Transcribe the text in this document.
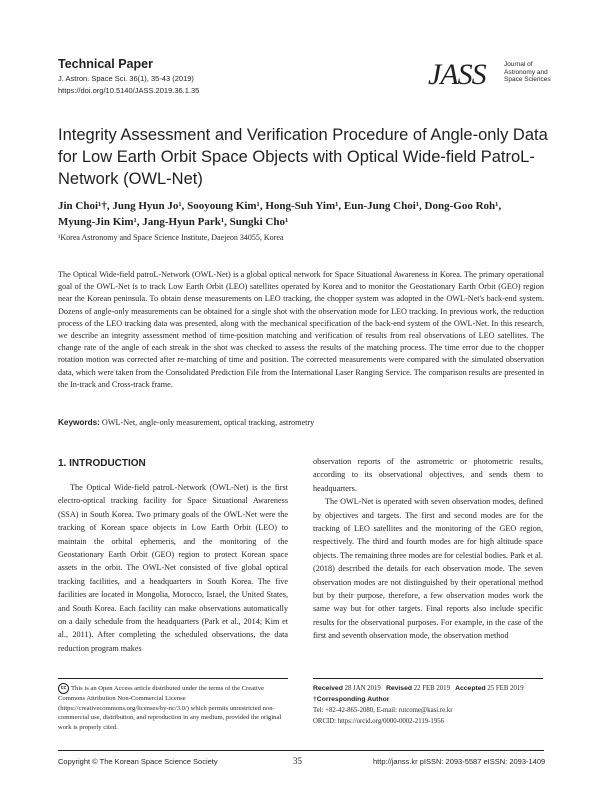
Technical Paper
J. Astron. Space Sci. 36(1), 35-43 (2019)
https://doi.org/10.5140/JASS.2019.36.1.35	JASS	Journal of
Astronomy and
Space Sciences
Integrity Assessment and Verification Procedure of Angle-only Data for Low Earth Orbit Space Objects with Optical Wide-field PatroL-Network (OWL-Net)
Jin Choi¹†, Jung Hyun Jo¹, Sooyoung Kim¹, Hong-Suh Yim¹, Eun-Jung Choi¹, Dong-Goo Roh¹,
Myung-Jin Kim¹, Jang-Hyun Park¹, Sungki Cho¹
¹Korea Astronomy and Space Science Institute, Daejeon 34055, Korea
The Optical Wide-field patroL-Network (OWL-Net) is a global optical network for Space Situational Awareness in Korea. The primary operational goal of the OWL-Net is to track Low Earth Orbit (LEO) satellites operated by Korea and to monitor the Geostationary Earth Orbit (GEO) region near the Korean peninsula. To obtain dense measurements on LEO tracking, the chopper system was adopted in the OWL-Net's back-end system. Dozens of angle-only measurements can be obtained for a single shot with the observation mode for LEO tracking. In previous work, the reduction process of the LEO tracking data was presented, along with the mechanical specification of the back-end system of the OWL-Net. In this research, we describe an integrity assessment method of time-position matching and verification of results from real observations of LEO satellites. The change rate of the angle of each streak in the shot was checked to assess the results of the matching process. The time error due to the chopper rotation motion was corrected after re-matching of time and position. The corrected measurements were compared with the simulated observation data, which were taken from the Consolidated Prediction File from the International Laser Ranging Service. The comparison results are presented in the In-track and Cross-track frame.
Keywords: OWL-Net, angle-only measurement, optical tracking, astrometry
1. INTRODUCTION

The Optical Wide-field patroL-Network (OWL-Net) is the first electro-optical tracking facility for Space Situational Awareness (SSA) in South Korea. Two primary goals of the OWL-Net were the tracking of Korean space objects in Low Earth Orbit (LEO) to maintain the orbital ephemeris, and the monitoring of the Geostationary Earth Orbit (GEO) region to protect Korean space assets in the orbit. The OWL-Net consisted of five global optical tracking facilities, and a headquarters in South Korea. The five facilities are located in Mongolia, Morocco, Israel, the United States, and South Korea. Each facility can make observations automatically on a daily schedule from the headquarters (Park et al., 2014; Kim et al., 2011). After completing the scheduled observations, the data reduction program makes

observation reports of the astrometric or photometric results, according to its observational objectives, and sends them to headquarters.

The OWL-Net is operated with seven observation modes, defined by objectives and targets. The first and second modes are for the tracking of LEO satellites and the monitoring of the GEO region, respectively. The third and fourth modes are for high altitude space objects. The remaining three modes are for celestial bodies. Park et al. (2018) described the details for each observation mode. The seven observation modes are not distinguished by their operational method but by their purpose, therefore, a few observation modes work the same way but for other targets. Final reports also include specific results for the observational purposes. For example, in the case of the first and seventh observation mode, the observation method

cc This is an Open Access article distributed under the terms of the Creative Commons Attribution Non-Commercial License (https://creativecommons.org/licenses/by-nc/3.0/) which permits unrestricted non-commercial use, distribution, and reproduction in any medium, provided the original work is properly cited.
Received 28 JAN 2019 Revised 22 FEB 2019 Accepted 25 FEB 2019
†Corresponding Author
Tel: +82-42-865-2080, E-mail: rutcome@kasi.re.kr
ORCID: https://orcid.org/0000-0002-2119-1956
Copyright © The Korean Space Science Society	35	http://janss.kr pISSN: 2093-5587 eISSN: 2093-1409
